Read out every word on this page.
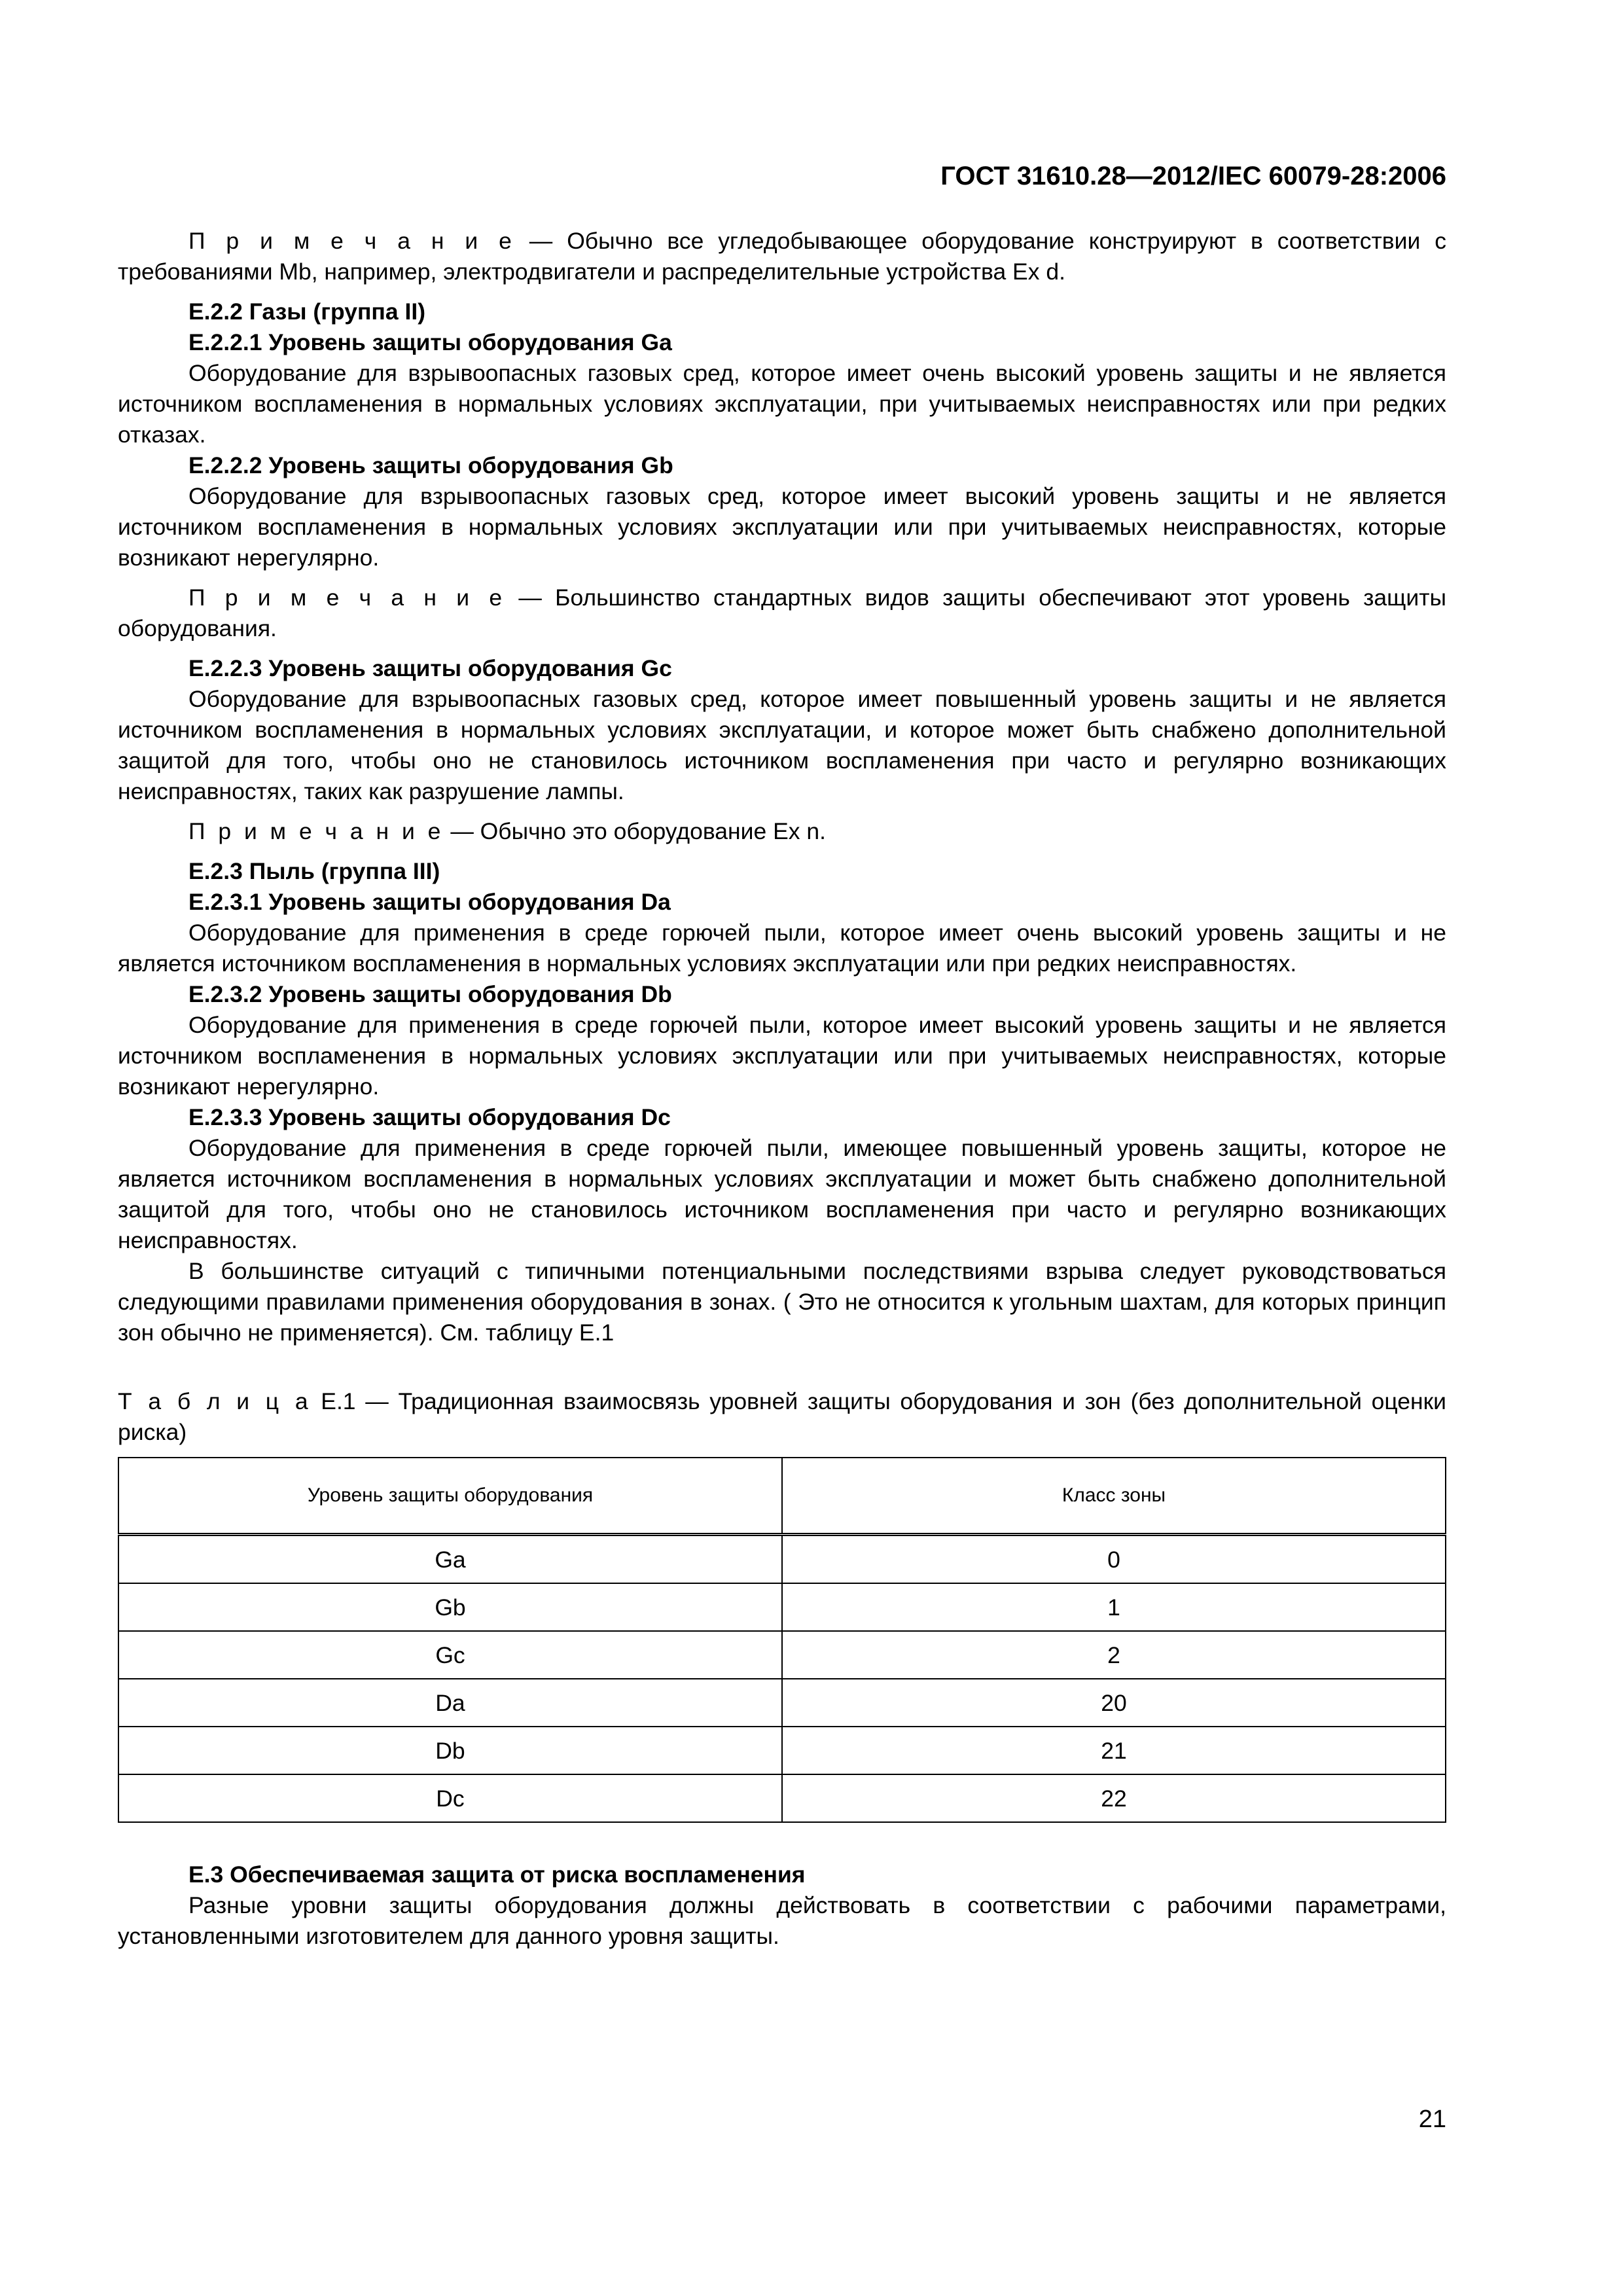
ГОСТ 31610.28—2012/IEC 60079-28:2006

П р и м е ч а н и е — Обычно все угледобывающее оборудование конструируют в соответствии с требованиями Mb, например, электродвигатели и распределительные устройства Ex d.

Е.2.2 Газы (группа II)

Е.2.2.1 Уровень защиты оборудования Ga

Оборудование для взрывоопасных газовых сред, которое имеет очень высокий уровень защиты и не является источником воспламенения в нормальных условиях эксплуатации, при учитываемых неисправностях или при редких отказах.

Е.2.2.2 Уровень защиты оборудования Gb

Оборудование для взрывоопасных газовых сред, которое имеет высокий уровень защиты и не является источником воспламенения в нормальных условиях эксплуатации или при учитываемых неисправностях, которые возникают нерегулярно.

П р и м е ч а н и е — Большинство стандартных видов защиты обеспечивают этот уровень защиты оборудования.

Е.2.2.3 Уровень защиты оборудования Gc

Оборудование для взрывоопасных газовых сред, которое имеет повышенный уровень защиты и не является источником воспламенения в нормальных условиях эксплуатации, и которое может быть снабжено дополнительной защитой для того, чтобы оно не становилось источником воспламенения при часто и регулярно возникающих неисправностях, таких как разрушение лампы.

П р и м е ч а н и е — Обычно это оборудование Ex n.

Е.2.3 Пыль (группа III)

Е.2.3.1 Уровень защиты оборудования Da

Оборудование для применения в среде горючей пыли, которое имеет очень высокий уровень защиты и не является источником воспламенения в нормальных условиях эксплуатации или при редких неисправностях.

Е.2.3.2 Уровень защиты оборудования Db

Оборудование для применения в среде горючей пыли, которое имеет высокий уровень защиты и не является источником воспламенения в нормальных условиях эксплуатации или при учитываемых неисправностях, которые возникают нерегулярно.

Е.2.3.3 Уровень защиты оборудования Dc

Оборудование для применения в среде горючей пыли, имеющее повышенный уровень защиты, которое не является источником воспламенения в нормальных условиях эксплуатации и может быть снабжено дополнительной защитой для того, чтобы оно не становилось источником воспламенения при часто и регулярно возникающих неисправностях.

В большинстве ситуаций с типичными потенциальными последствиями взрыва следует руководствоваться следующими правилами применения оборудования в зонах. ( Это не относится к угольным шахтам, для которых принцип зон обычно не применяется). См. таблицу Е.1

Т а б л и ц а Е.1 — Традиционная взаимосвязь уровней защиты оборудования и зон (без дополнительной оценки риска)

Уровень защиты оборудования	Класс зоны
Ga	0
Gb	1
Gc	2
Da	20
Db	21
Dc	22

Е.3 Обеспечиваемая защита от риска воспламенения

Разные уровни защиты оборудования должны действовать в соответствии с рабочими параметрами, установленными изготовителем для данного уровня защиты.

21
